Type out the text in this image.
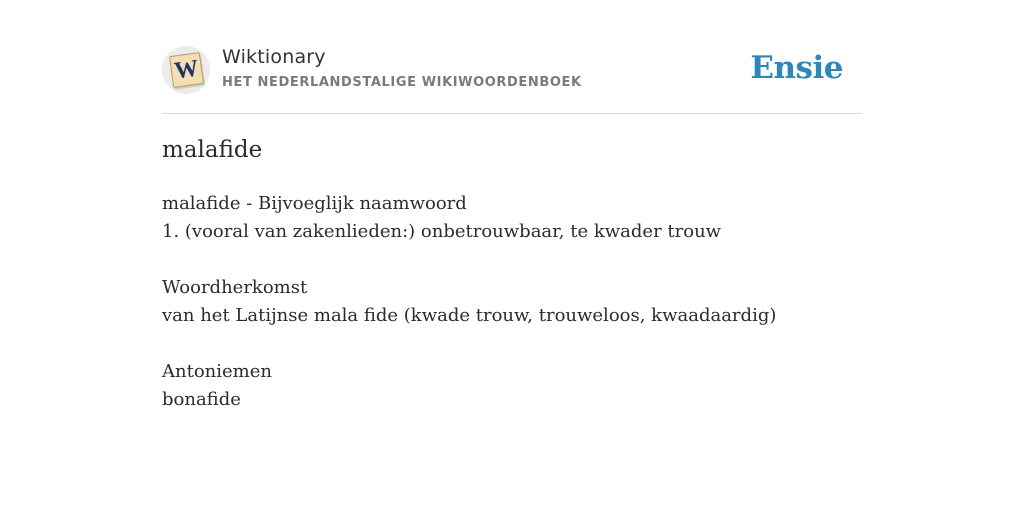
W Wiktionary
HET NEDERLANDSTALIGE WIKIWOORDENBOEK	Ensie
malafide
malafide - Bijvoeglijk naamwoord
1. (vooral van zakenlieden:) onbetrouwbaar, te kwader trouw
Woordherkomst
van het Latijnse mala fide (kwade trouw, trouweloos, kwaadaardig)
Antoniemen
bonafide
